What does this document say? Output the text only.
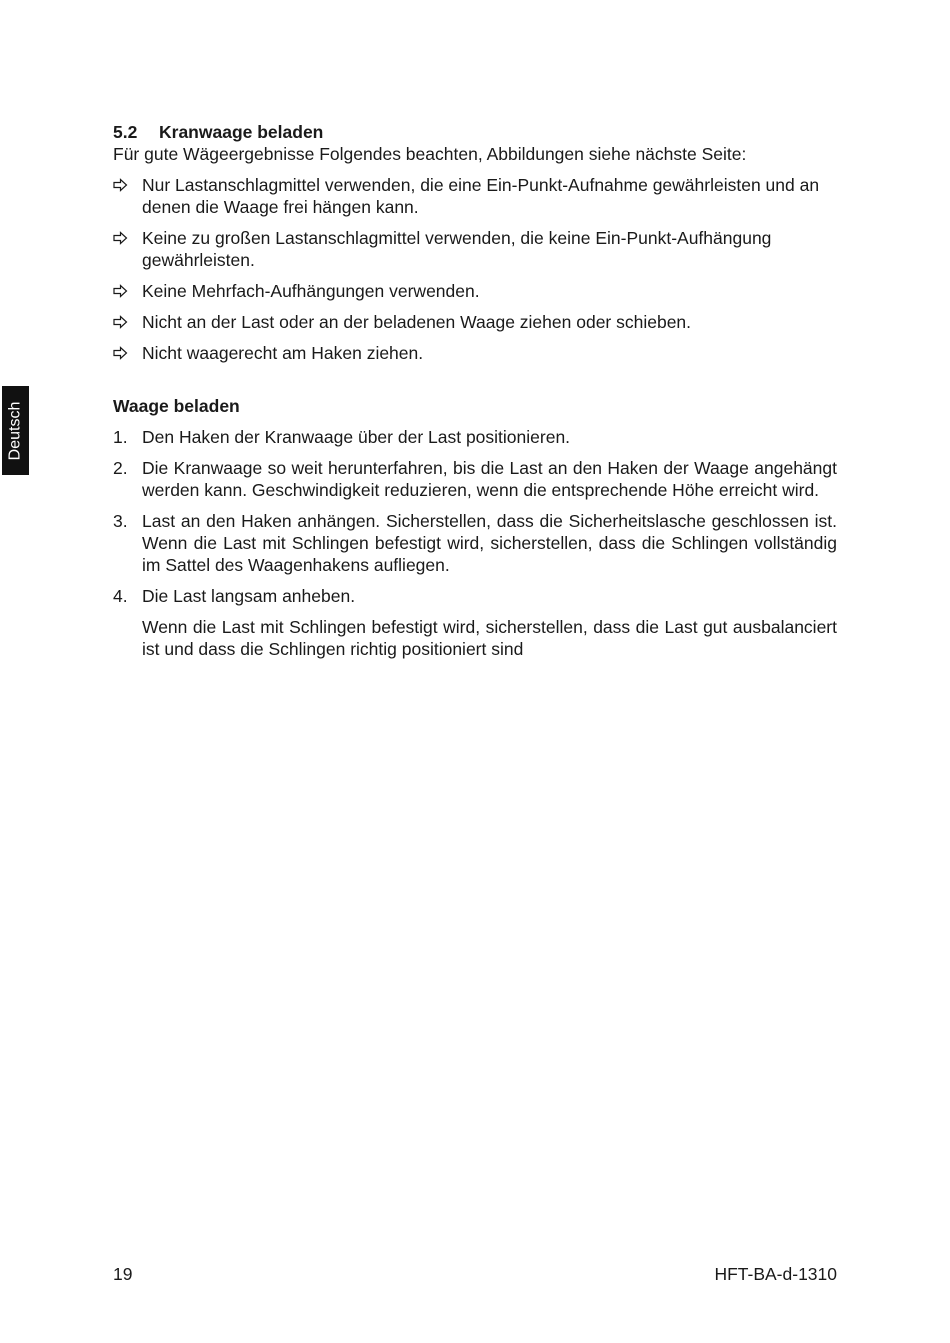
Deutsch
5.2 Kranwaage beladen
Für gute Wägeergebnisse Folgendes beachten, Abbildungen siehe nächste Seite:
Nur Lastanschlagmittel verwenden, die eine Ein-Punkt-Aufnahme gewährleisten und an denen die Waage frei hängen kann.
Keine zu großen Lastanschlagmittel verwenden, die keine Ein-Punkt-Aufhängung gewährleisten.
Keine Mehrfach-Aufhängungen verwenden.
Nicht an der Last oder an der beladenen Waage ziehen oder schieben.
Nicht waagerecht am Haken ziehen.
Waage beladen
1. Den Haken der Kranwaage über der Last positionieren.
2. Die Kranwaage so weit herunterfahren, bis die Last an den Haken der Waage angehängt werden kann. Geschwindigkeit reduzieren, wenn die entsprechende Höhe erreicht wird.
3. Last an den Haken anhängen. Sicherstellen, dass die Sicherheitslasche geschlossen ist. Wenn die Last mit Schlingen befestigt wird, sicherstellen, dass die Schlingen vollständig im Sattel des Waagenhakens aufliegen.
4. Die Last langsam anheben.
Wenn die Last mit Schlingen befestigt wird, sicherstellen, dass die Last gut ausbalanciert ist und dass die Schlingen richtig positioniert sind
19	HFT-BA-d-1310
